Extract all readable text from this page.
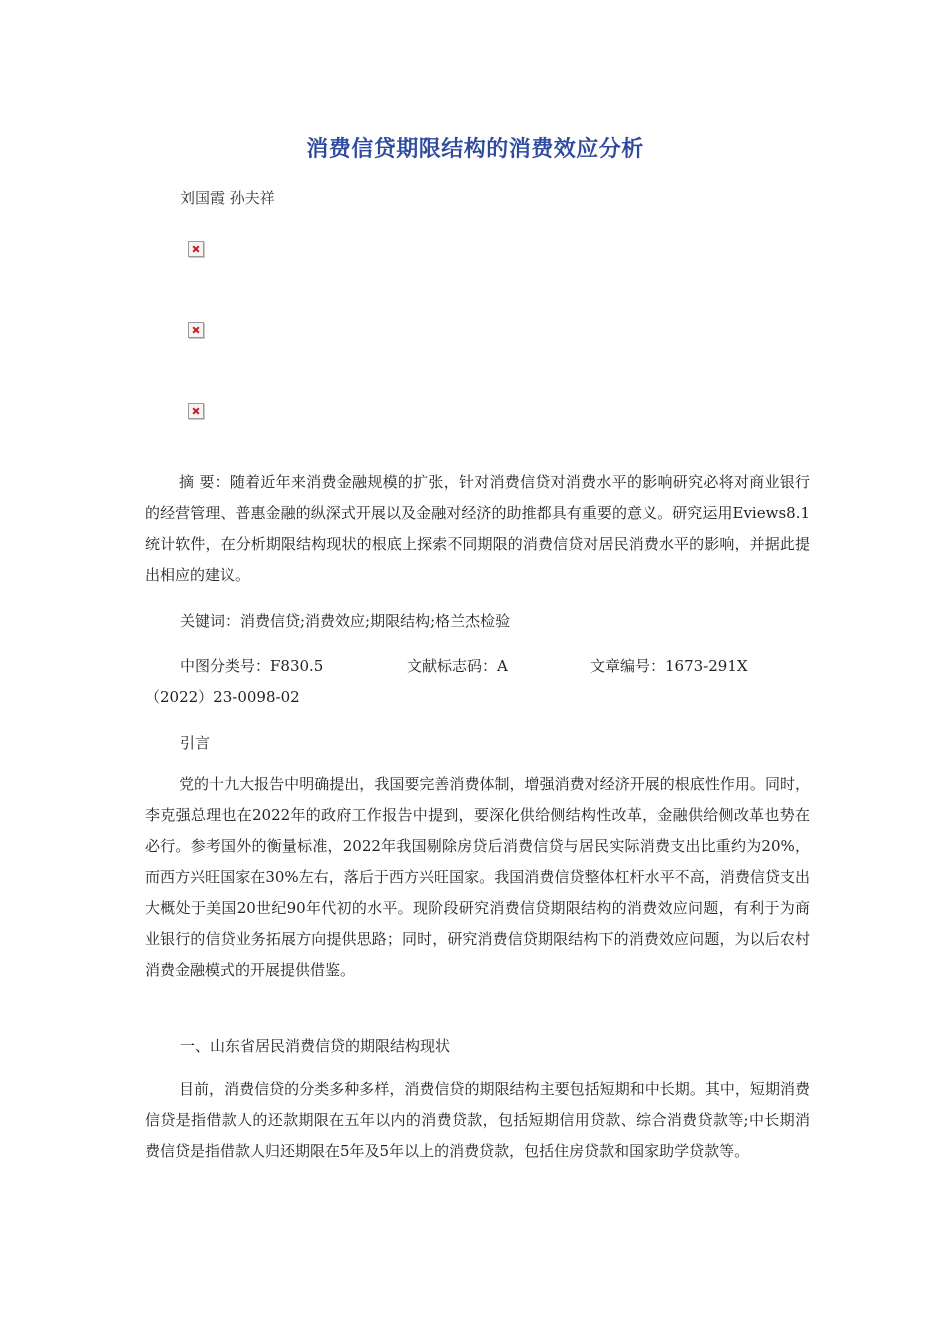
消费信贷期限结构的消费效应分析
刘国霞 孙夫祥

摘 要：随着近年来消费金融规模的扩张，针对消费信贷对消费水平的影响研究必将对商业银行的经营管理、普惠金融的纵深式开展以及金融对经济的助推都具有重要的意义。研究运用Eviews8.1统计软件，在分析期限结构现状的根底上探索不同期限的消费信贷对居民消费水平的影响，并据此提出相应的建议。

关键词：消费信贷;消费效应;期限结构;格兰杰检验
中图分类号：F830.5	文献标志码：A	文章编号：1673-291X
（2022）23-0098-02
引言

党的十九大报告中明确提出，我国要完善消费体制，增强消费对经济开展的根底性作用。同时，李克强总理也在2022年的政府工作报告中提到，要深化供给侧结构性改革，金融供给侧改革也势在必行。参考国外的衡量标准，2022年我国剔除房贷后消费信贷与居民实际消费支出比重约为20%，而西方兴旺国家在30%左右，落后于西方兴旺国家。我国消费信贷整体杠杆水平不高，消费信贷支出大概处于美国20世纪90年代初的水平。现阶段研究消费信贷期限结构的消费效应问题，有利于为商业银行的信贷业务拓展方向提供思路；同时，研究消费信贷期限结构下的消费效应问题，为以后农村消费金融模式的开展提供借鉴。

一、山东省居民消费信贷的期限结构现状

目前，消费信贷的分类多种多样，消费信贷的期限结构主要包括短期和中长期。其中，短期消费信贷是指借款人的还款期限在五年以内的消费贷款，包括短期信用贷款、综合消费贷款等;中长期消费信贷是指借款人归还期限在5年及5年以上的消费贷款，包括住房贷款和国家助学贷款等。
